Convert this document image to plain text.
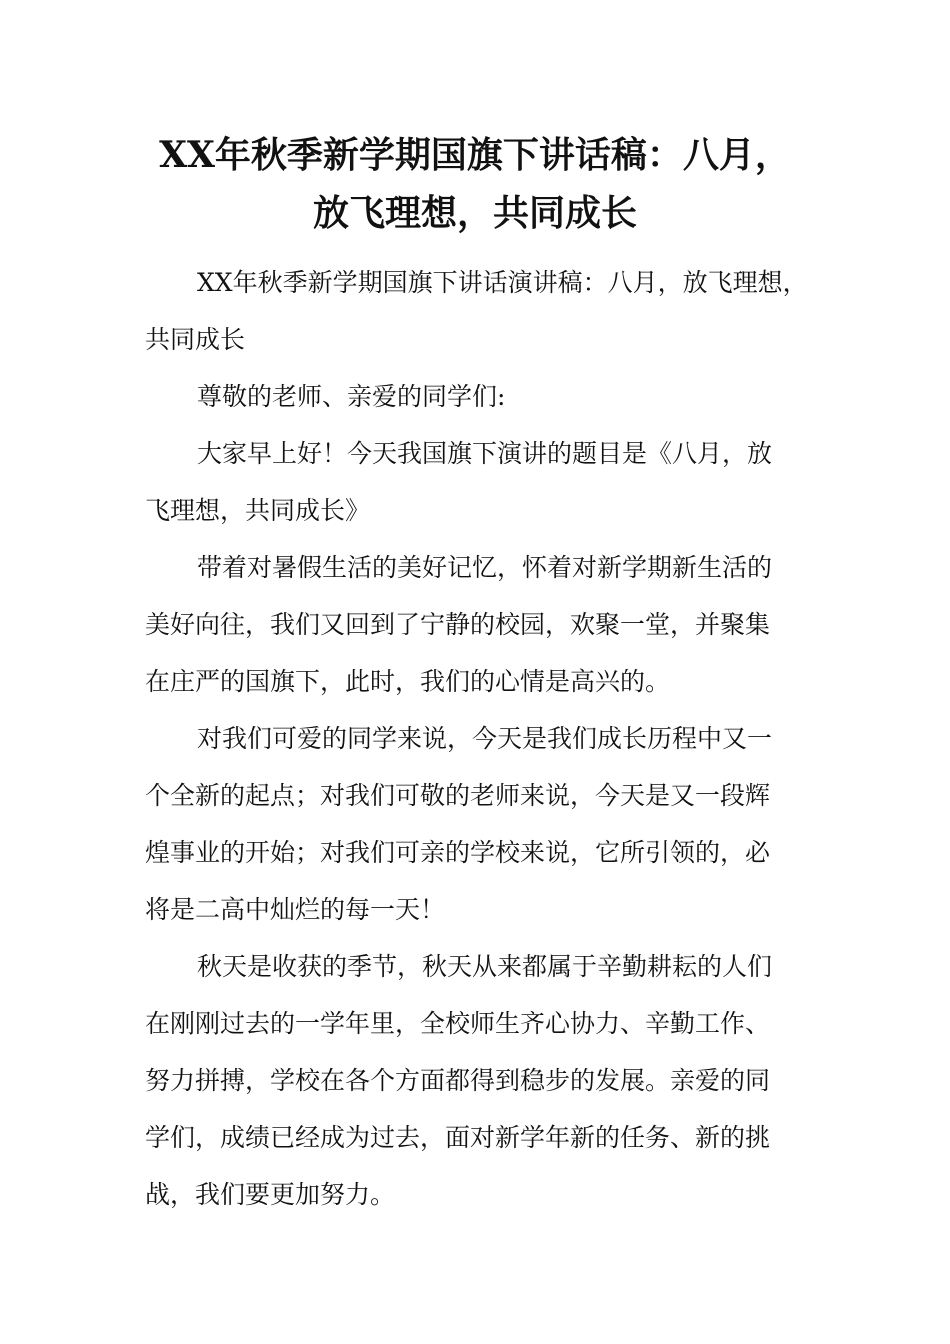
XX年秋季新学期国旗下讲话稿：八月，
放飞理想，共同成长
XX年秋季新学期国旗下讲话演讲稿：八月，放飞理想，
共同成长
尊敬的老师、亲爱的同学们:
大家早上好！今天我国旗下演讲的题目是《八月，放
飞理想，共同成长》
带着对暑假生活的美好记忆，怀着对新学期新生活的
美好向往，我们又回到了宁静的校园，欢聚一堂，并聚集
在庄严的国旗下，此时，我们的心情是高兴的。
对我们可爱的同学来说，今天是我们成长历程中又一
个全新的起点；对我们可敬的老师来说，今天是又一段辉
煌事业的开始；对我们可亲的学校来说，它所引领的，必
将是二高中灿烂的每一天！
秋天是收获的季节，秋天从来都属于辛勤耕耘的人们
在刚刚过去的一学年里，全校师生齐心协力、辛勤工作、
努力拼搏，学校在各个方面都得到稳步的发展。亲爱的同
学们，成绩已经成为过去，面对新学年新的任务、新的挑
战，我们要更加努力。
